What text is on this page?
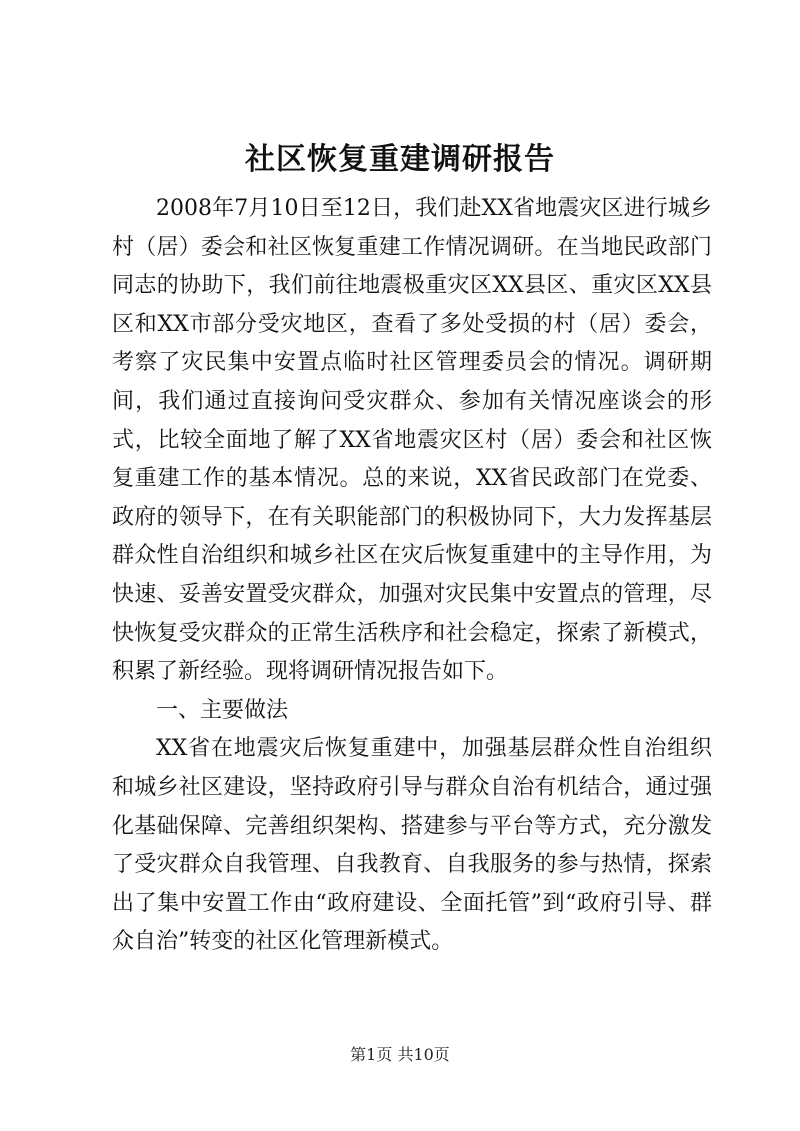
社区恢复重建调研报告

2008年7月10日至12日，我们赴XX省地震灾区进行城乡村（居）委会和社区恢复重建工作情况调研。在当地民政部门同志的协助下，我们前往地震极重灾区XX县区、重灾区XX县区和XX市部分受灾地区，查看了多处受损的村（居）委会，考察了灾民集中安置点临时社区管理委员会的情况。调研期间，我们通过直接询问受灾群众、参加有关情况座谈会的形式，比较全面地了解了XX省地震灾区村（居）委会和社区恢复重建工作的基本情况。总的来说，XX省民政部门在党委、政府的领导下，在有关职能部门的积极协同下，大力发挥基层群众性自治组织和城乡社区在灾后恢复重建中的主导作用，为快速、妥善安置受灾群众，加强对灾民集中安置点的管理，尽快恢复受灾群众的正常生活秩序和社会稳定，探索了新模式，积累了新经验。现将调研情况报告如下。

一、主要做法

XX省在地震灾后恢复重建中，加强基层群众性自治组织和城乡社区建设，坚持政府引导与群众自治有机结合，通过强化基础保障、完善组织架构、搭建参与平台等方式，充分激发了受灾群众自我管理、自我教育、自我服务的参与热情，探索出了集中安置工作由“政府建设、全面托管”到“政府引导、群众自治”转变的社区化管理新模式。

第1页 共10页
